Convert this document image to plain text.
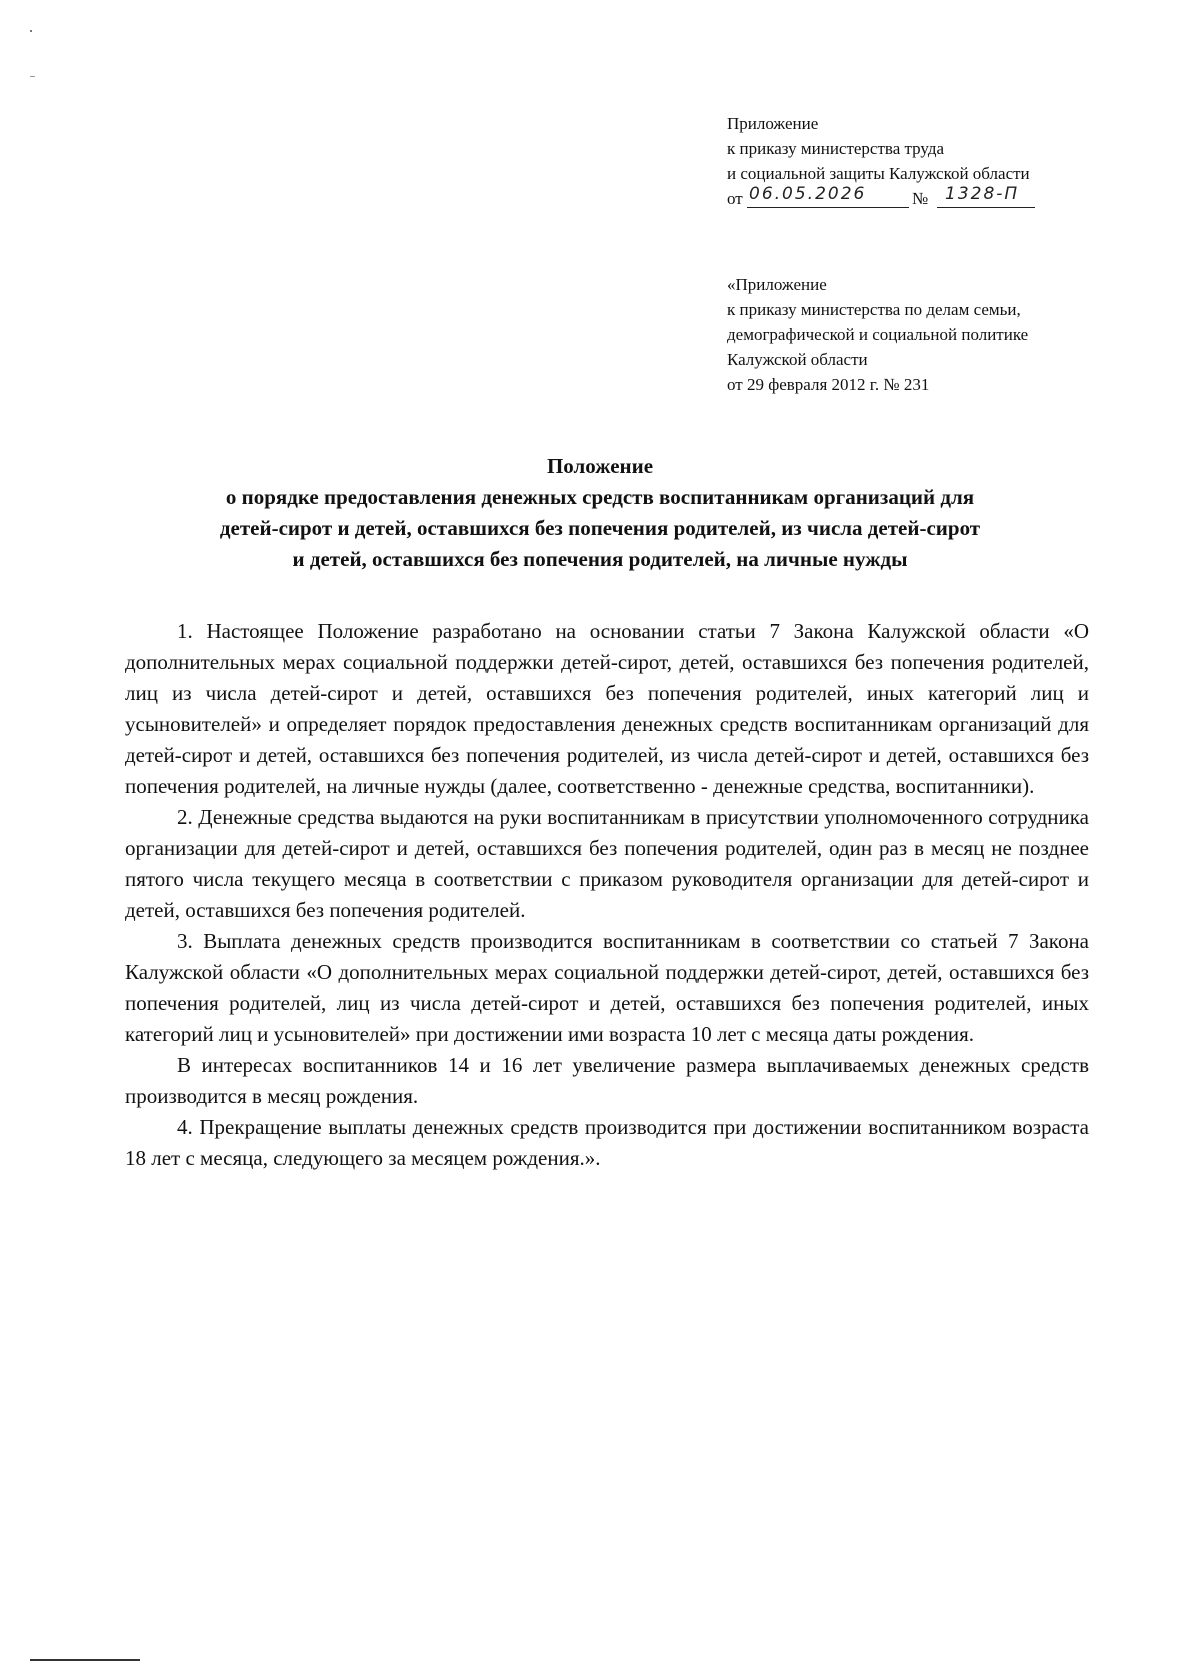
Приложение
к приказу министерства труда
и социальной защиты Калужской области
от 06.05.2026	№ 1328-П
«Приложение
к приказу министерства по делам семьи,
демографической и социальной политике
Калужской области
от 29 февраля 2012 г. № 231
Положение
о порядке предоставления денежных средств воспитанникам организаций для
детей-сирот и детей, оставшихся без попечения родителей, из числа детей-сирот
и детей, оставшихся без попечения родителей, на личные нужды

1. Настоящее Положение разработано на основании статьи 7 Закона Калужской области «О дополнительных мерах социальной поддержки детей-сирот, детей, оставшихся без попечения родителей, лиц из числа детей-сирот и детей, оставшихся без попечения родителей, иных категорий лиц и усыновителей» и определяет порядок предоставления денежных средств воспитанникам организаций для детей-сирот и детей, оставшихся без попечения родителей, из числа детей-сирот и детей, оставшихся без попечения родителей, на личные нужды (далее, соответственно - денежные средства, воспитанники).

2. Денежные средства выдаются на руки воспитанникам в присутствии уполномоченного сотрудника организации для детей-сирот и детей, оставшихся без попечения родителей, один раз в месяц не позднее пятого числа текущего месяца в соответствии с приказом руководителя организации для детей-сирот и детей, оставшихся без попечения родителей.

3. Выплата денежных средств производится воспитанникам в соответствии со статьей 7 Закона Калужской области «О дополнительных мерах социальной поддержки детей-сирот, детей, оставшихся без попечения родителей, лиц из числа детей-сирот и детей, оставшихся без попечения родителей, иных категорий лиц и усыновителей» при достижении ими возраста 10 лет с месяца даты рождения.

В интересах воспитанников 14 и 16 лет увеличение размера выплачиваемых денежных средств производится в месяц рождения.

4. Прекращение выплаты денежных средств производится при достижении воспитанником возраста 18 лет с месяца, следующего за месяцем рождения.».
